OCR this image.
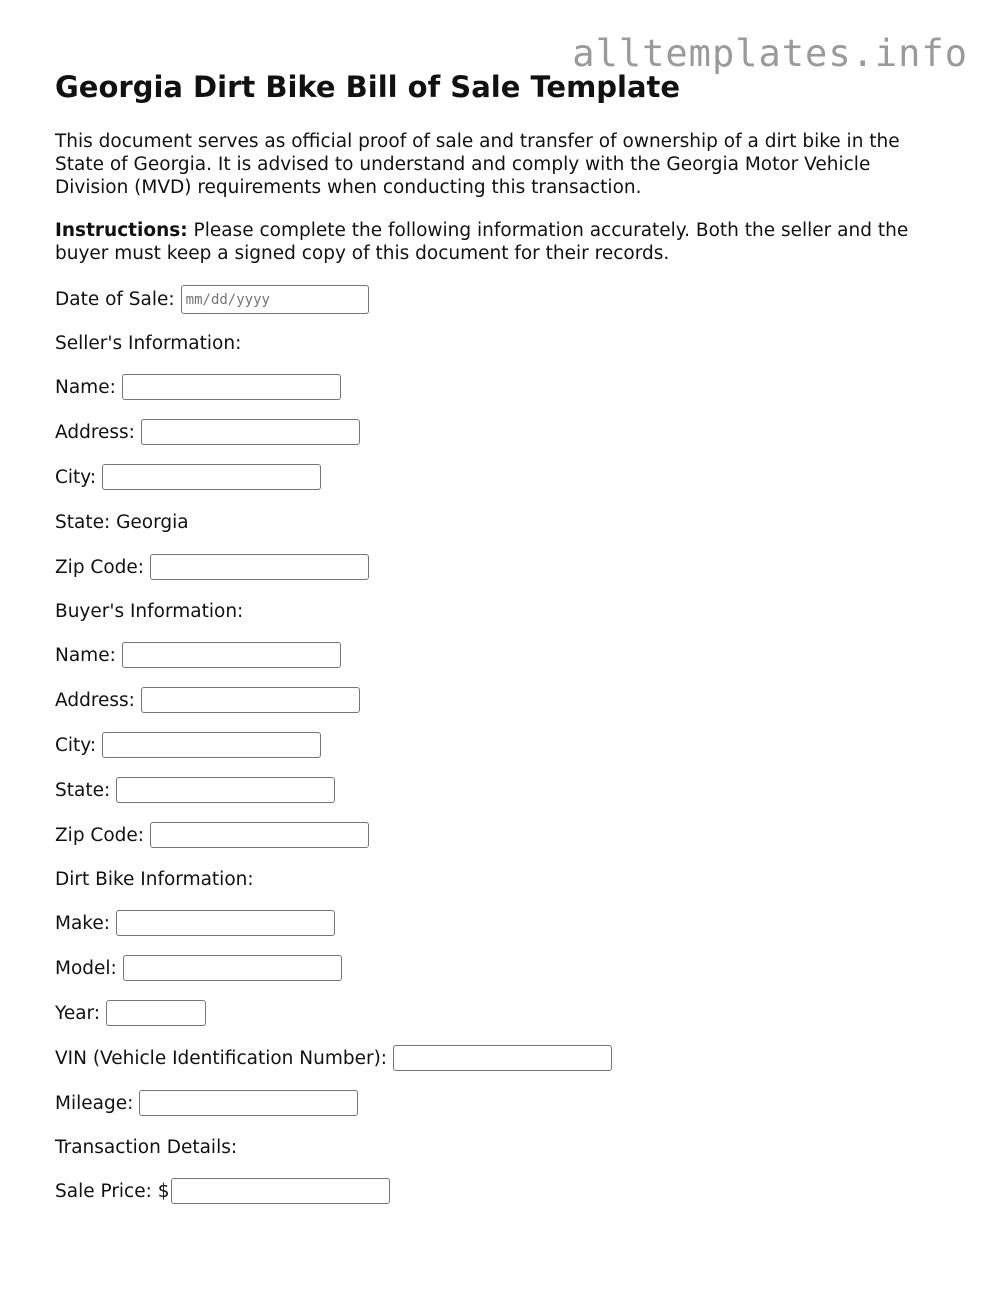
alltemplates.info
Georgia Dirt Bike Bill of Sale Template

This document serves as official proof of sale and transfer of ownership of a dirt bike in the State of Georgia. It is advised to understand and comply with the Georgia Motor Vehicle Division (MVD) requirements when conducting this transaction.

Instructions: Please complete the following information accurately. Both the seller and the buyer must keep a signed copy of this document for their records.

Date of Sale:
mm/dd/yyyy
Seller's Information:
Name:
Address:
City:
State: Georgia
Zip Code:
Buyer's Information:
Name:
Address:
City:
State:
Zip Code:
Dirt Bike Information:
Make:
Model:
Year:
VIN (Vehicle Identification Number):
Mileage:
Transaction Details:
Sale Price: $
